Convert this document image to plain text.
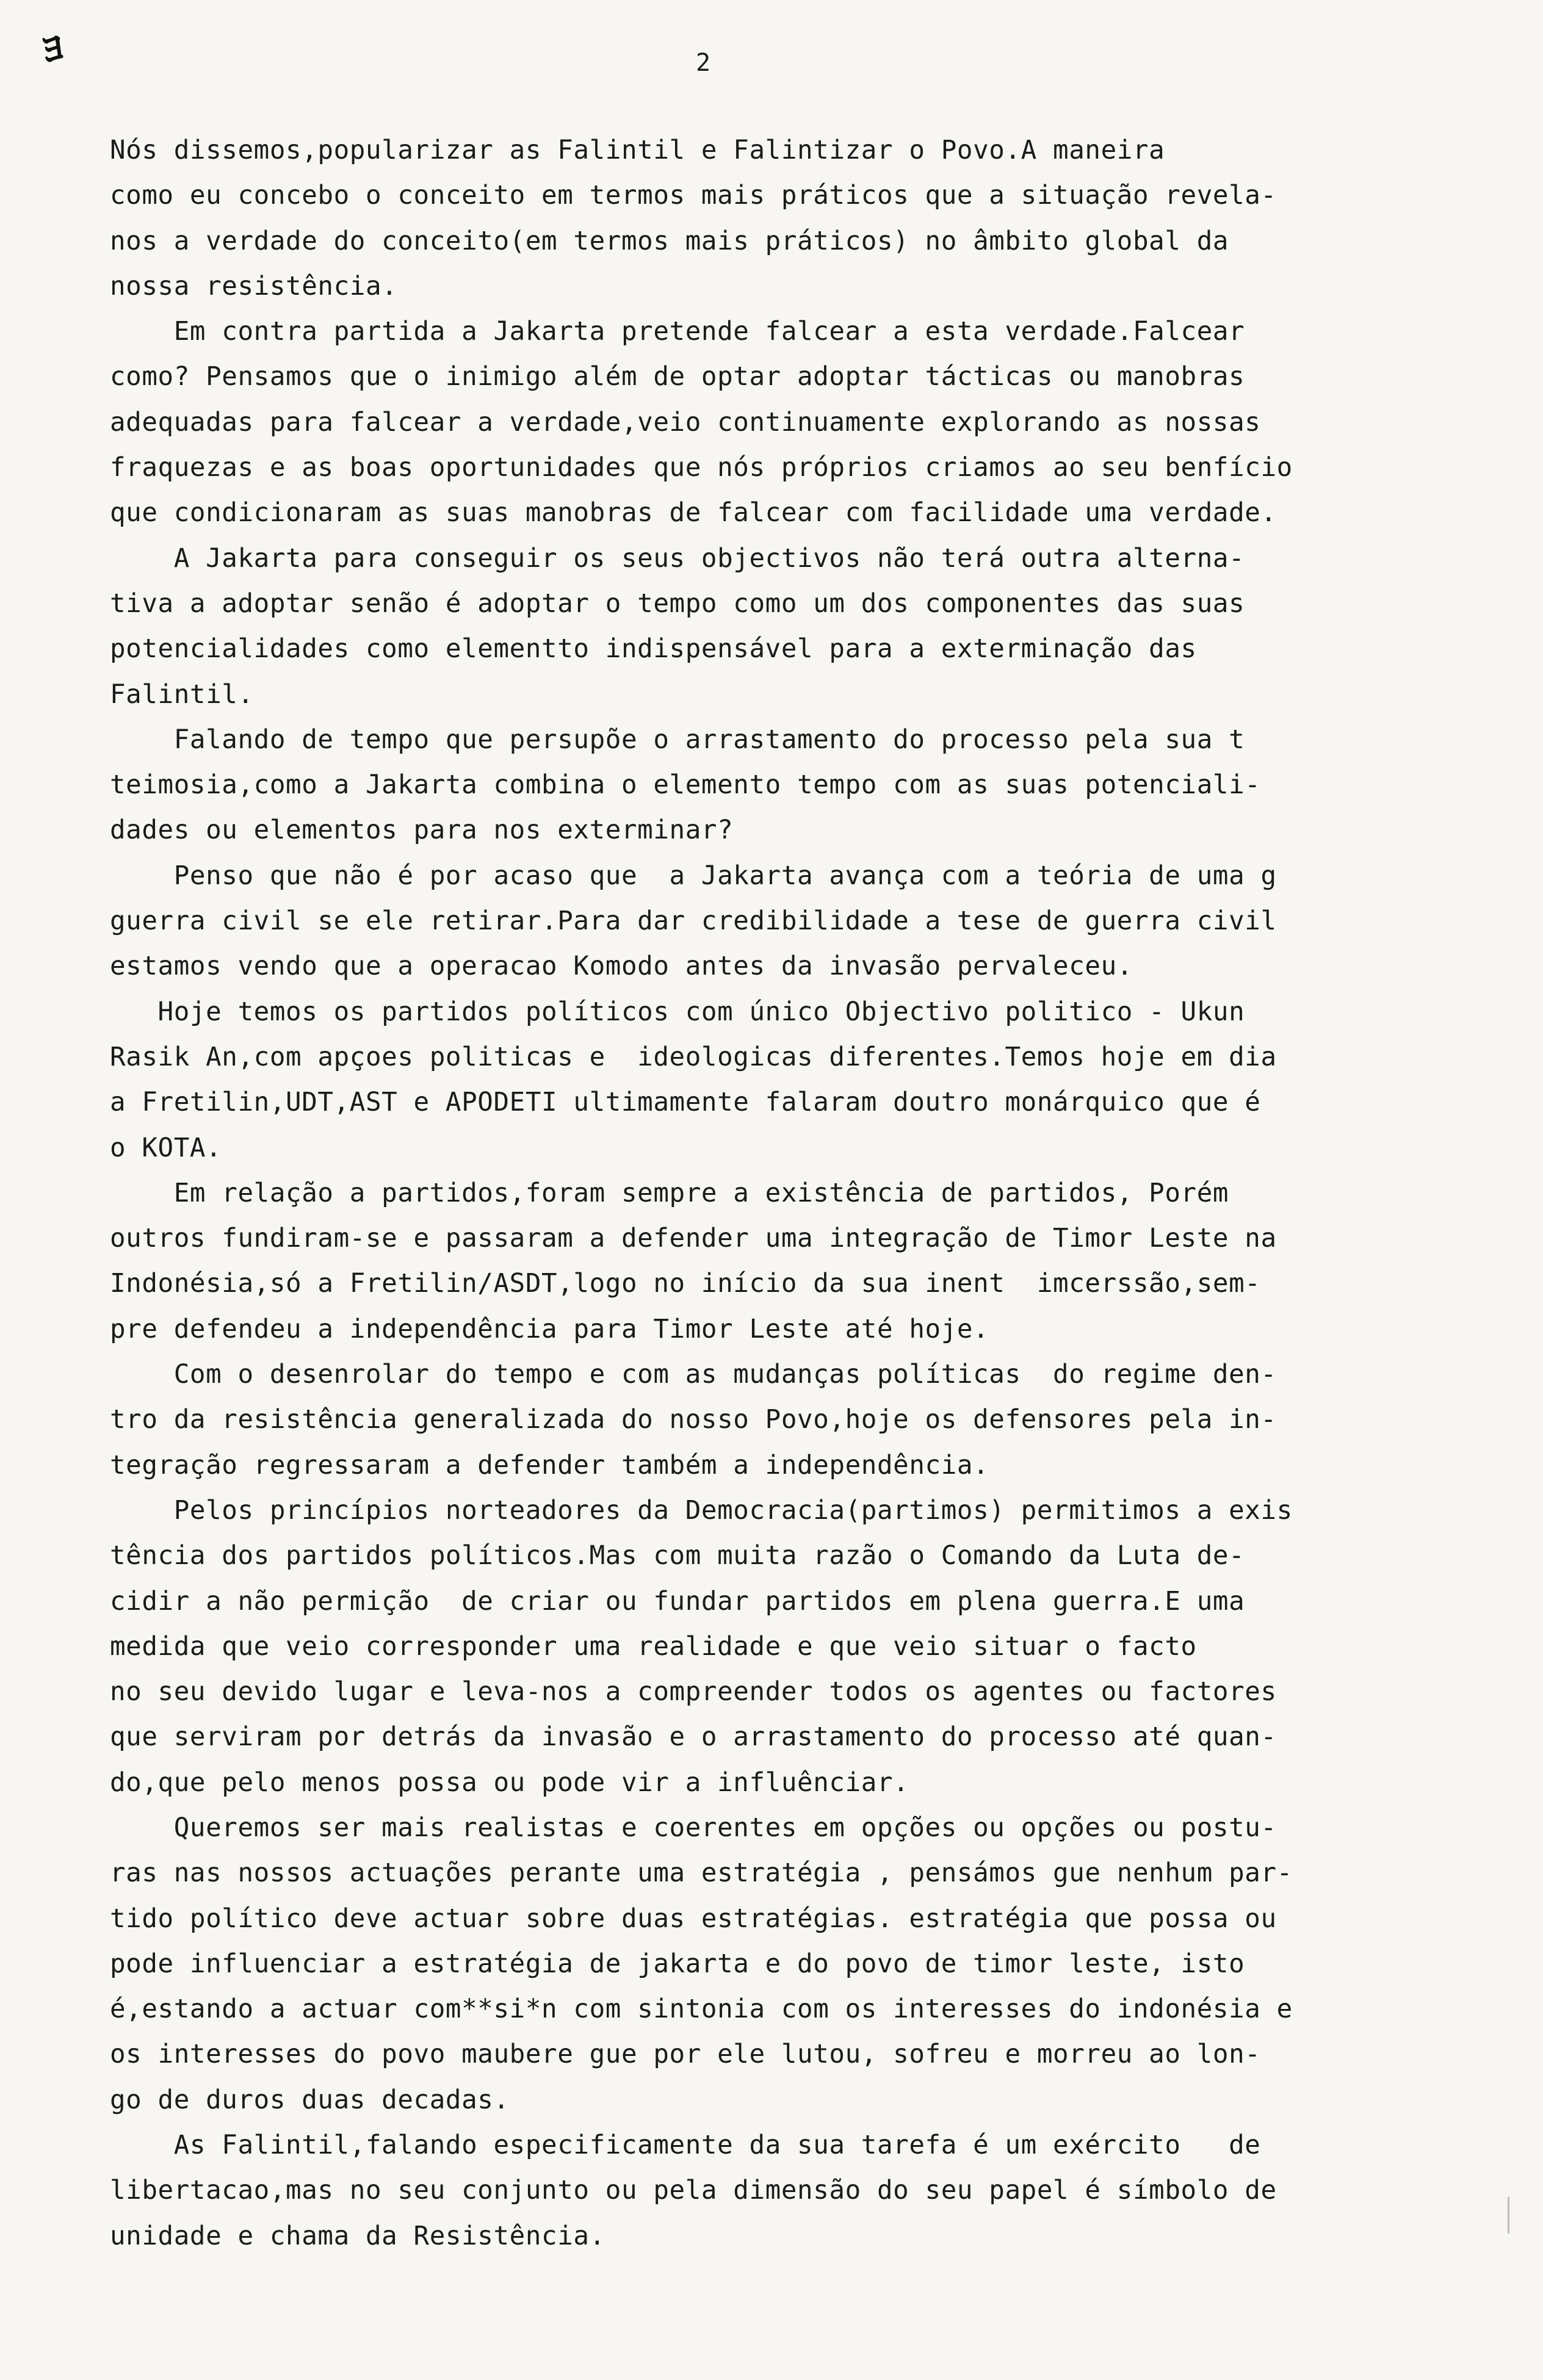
ﾖ	2
Nós dissemos,popularizar as Falintil e Falintizar o Povo.A maneira
como eu concebo o conceito em termos mais práticos que a situação revela-
nos a verdade do conceito(em termos mais práticos) no âmbito global da
nossa resistência.
Em contra partida a Jakarta pretende falcear a esta verdade.Falcear
como? Pensamos que o inimigo além de optar adoptar tácticas ou manobras
adequadas para falcear a verdade,veio continuamente explorando as nossas
fraquezas e as boas oportunidades que nós próprios criamos ao seu benfício
que condicionaram as suas manobras de falcear com facilidade uma verdade.
A Jakarta para conseguir os seus objectivos não terá outra alterna-
tiva a adoptar senão é adoptar o tempo como um dos componentes das suas
potencialidades como elementto indispensável para a exterminação das
Falintil.
Falando de tempo que persupõe o arrastamento do processo pela sua t
teimosia,como a Jakarta combina o elemento tempo com as suas potenciali-
dades ou elementos para nos exterminar?
Penso que não é por acaso que  a Jakarta avança com a teória de uma g
guerra civil se ele retirar.Para dar credibilidade a tese de guerra civil
estamos vendo que a operacao Komodo antes da invasão pervaleceu.
Hoje temos os partidos políticos com único Objectivo politico - Ukun
Rasik An,com apçoes politicas e  ideologicas diferentes.Temos hoje em dia
a Fretilin,UDT,AST e APODETI ultimamente falaram doutro monárquico que é
o KOTA.
Em relação a partidos,foram sempre a existência de partidos, Porém
outros fundiram-se e passaram a defender uma integração de Timor Leste na
Indonésia,só a Fretilin/ASDT,logo no início da sua inent  imcerssão,sem-
pre defendeu a independência para Timor Leste até hoje.
Com o desenrolar do tempo e com as mudanças políticas  do regime den-
tro da resistência generalizada do nosso Povo,hoje os defensores pela in-
tegração regressaram a defender também a independência.
Pelos princípios norteadores da Democracia(partimos) permitimos a exis
tência dos partidos políticos.Mas com muita razão o Comando da Luta de-
cidir a não permição  de criar ou fundar partidos em plena guerra.E uma
medida que veio corresponder uma realidade e que veio situar o facto
no seu devido lugar e leva-nos a compreender todos os agentes ou factores
que serviram por detrás da invasão e o arrastamento do processo até quan-
do,que pelo menos possa ou pode vir a influênciar.
Queremos ser mais realistas e coerentes em opções ou opções ou postu-
ras nas nossos actuações perante uma estratégia , pensámos gue nenhum par-
tido político deve actuar sobre duas estratégias. estratégia que possa ou
pode influenciar a estratégia de jakarta e do povo de timor leste, isto
é,estando a actuar com**si*n com sintonia com os interesses do indonésia e
os interesses do povo maubere gue por ele lutou, sofreu e morreu ao lon-
go de duros duas decadas.
As Falintil,falando especificamente da sua tarefa é um exército   de
libertacao,mas no seu conjunto ou pela dimensão do seu papel é símbolo de
unidade e chama da Resistência.
